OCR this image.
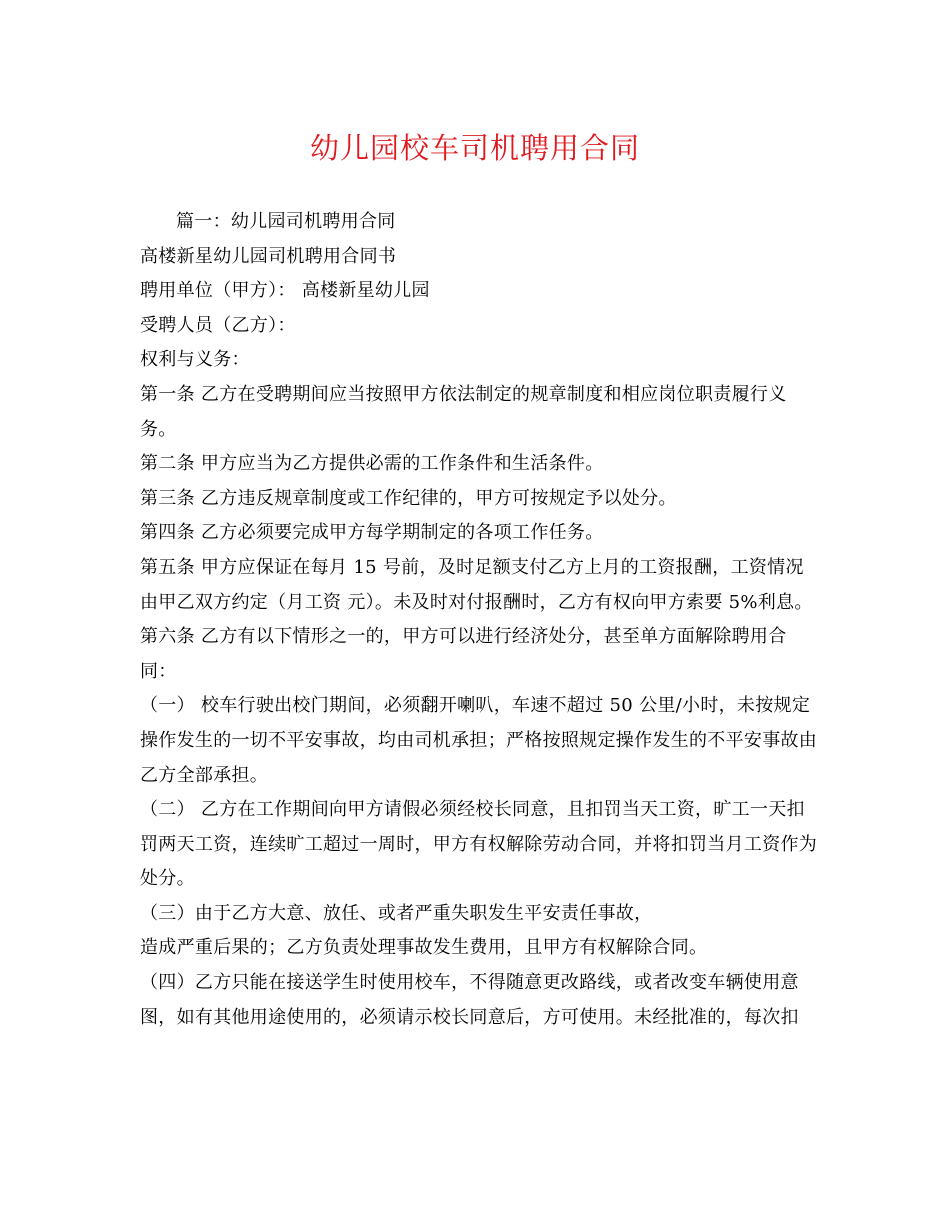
幼儿园校车司机聘用合同

篇一：幼儿园司机聘用合同

高楼新星幼儿园司机聘用合同书

聘用单位（甲方）： 高楼新星幼儿园

受聘人员（乙方）：

权利与义务：

第一条 乙方在受聘期间应当按照甲方依法制定的规章制度和相应岗位职责履行义务。

第二条 甲方应当为乙方提供必需的工作条件和生活条件。

第三条 乙方违反规章制度或工作纪律的，甲方可按规定予以处分。

第四条 乙方必须要完成甲方每学期制定的各项工作任务。

第五条 甲方应保证在每月 15 号前，及时足额支付乙方上月的工资报酬，工资情况由甲乙双方约定（月工资 元）。未及时对付报酬时，乙方有权向甲方索要 5%利息。

第六条 乙方有以下情形之一的，甲方可以进行经济处分，甚至单方面解除聘用合同：

（一） 校车行驶出校门期间，必须翻开喇叭，车速不超过 50 公里/小时，未按规定操作发生的一切不平安事故，均由司机承担；严格按照规定操作发生的不平安事故由乙方全部承担。

（二） 乙方在工作期间向甲方请假必须经校长同意，且扣罚当天工资，旷工一天扣罚两天工资，连续旷工超过一周时，甲方有权解除劳动合同，并将扣罚当月工资作为处分。

（三）由于乙方大意、放任、或者严重失职发生平安责任事故，

造成严重后果的；乙方负责处理事故发生费用，且甲方有权解除合同。

（四）乙方只能在接送学生时使用校车，不得随意更改路线，或者改变车辆使用意图，如有其他用途使用的，必须请示校长同意后，方可使用。未经批准的，每次扣
